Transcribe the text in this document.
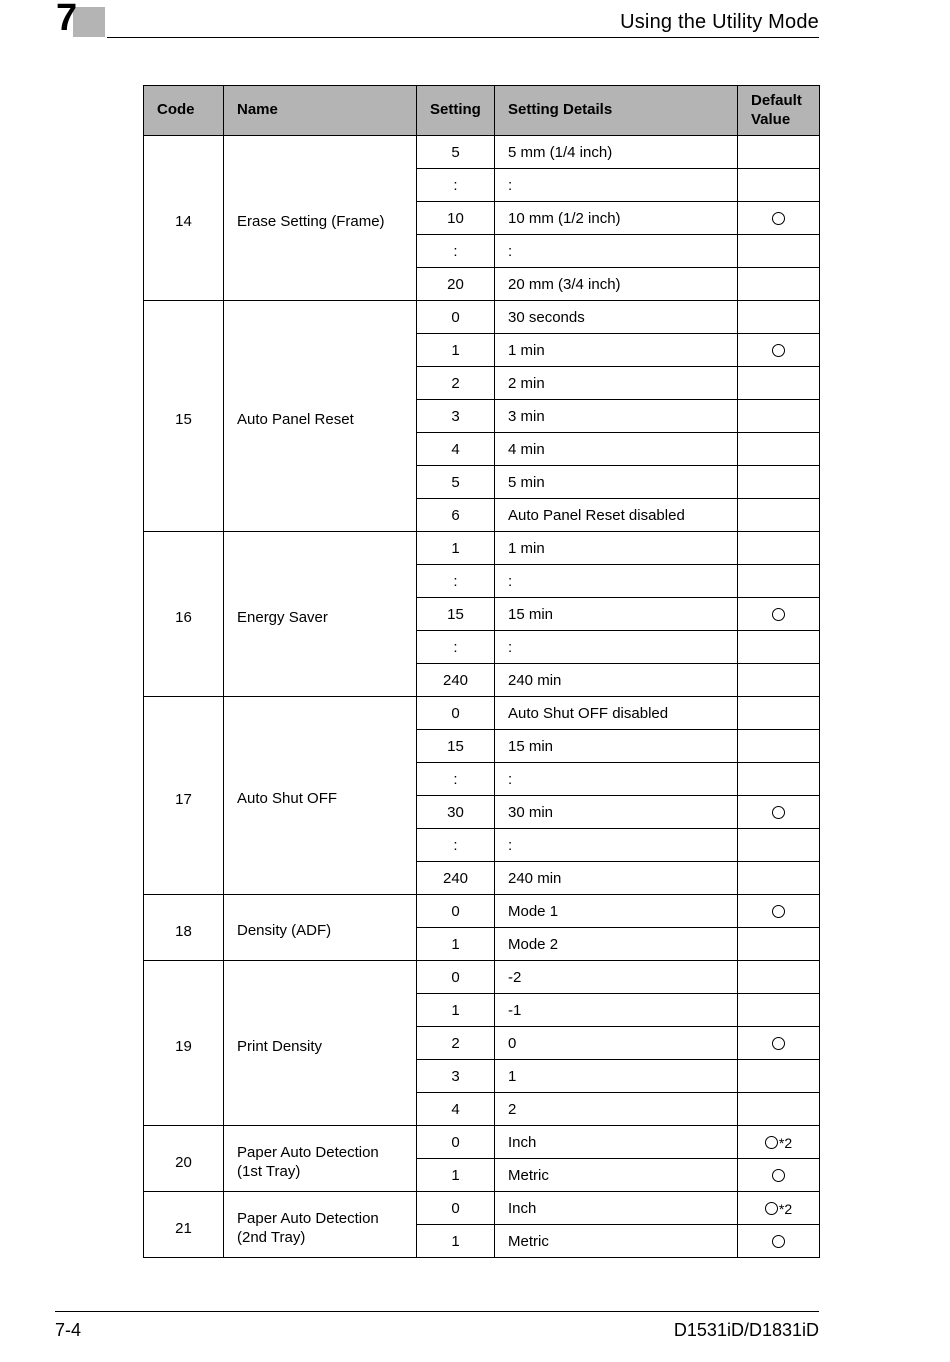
7	Using the Utility Mode
Code	Name	Setting	Setting Details	Default Value
14	Erase Setting (Frame)	5	5 mm (1/4 inch)	
		:	:	
		10	10 mm (1/2 inch)	
		:	:	
		20	20 mm (3/4 inch)	
15	Auto Panel Reset	0	30 seconds	
		1	1 min	
		2	2 min	
		3	3 min	
		4	4 min	
		5	5 min	
		6	Auto Panel Reset disabled	
16	Energy Saver	1	1 min	
		:	:	
		15	15 min	
		:	:	
		240	240 min	
17	Auto Shut OFF	0	Auto Shut OFF disabled	
		15	15 min	
		:	:	
		30	30 min	
		:	:	
		240	240 min	
18	Density (ADF)	0	Mode 1	
		1	Mode 2	
19	Print Density	0	-2	
		1	-1	
		2	0	
		3	1	
		4	2	
20	Paper Auto Detection (1st Tray)	0	Inch	*2
		1	Metric	
21	Paper Auto Detection (2nd Tray)	0	Inch	*2
		1	Metric	
7-4	D1531iD/D1831iD
